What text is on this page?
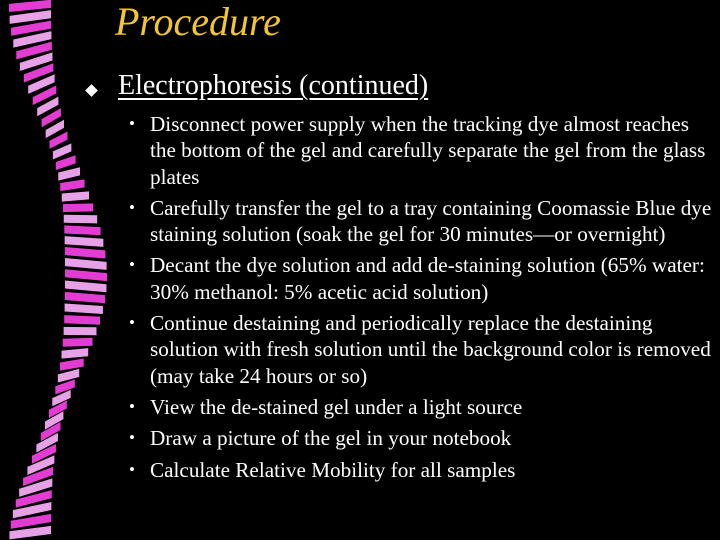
Procedure
Electrophoresis (continued)
• Disconnect power supply when the tracking dye almost reaches the bottom of the gel and carefully separate the gel from the glass plates
• Carefully transfer the gel to a tray containing Coomassie Blue dye staining solution (soak the gel for 30 minutes—or overnight)
• Decant the dye solution and add de-staining solution (65% water: 30% methanol: 5% acetic acid solution)
• Continue destaining and periodically replace the destaining solution with fresh solution until the background color is removed (may take 24 hours or so)
• View the de-stained gel under a light source
• Draw a picture of the gel in your notebook
• Calculate Relative Mobility for all samples
